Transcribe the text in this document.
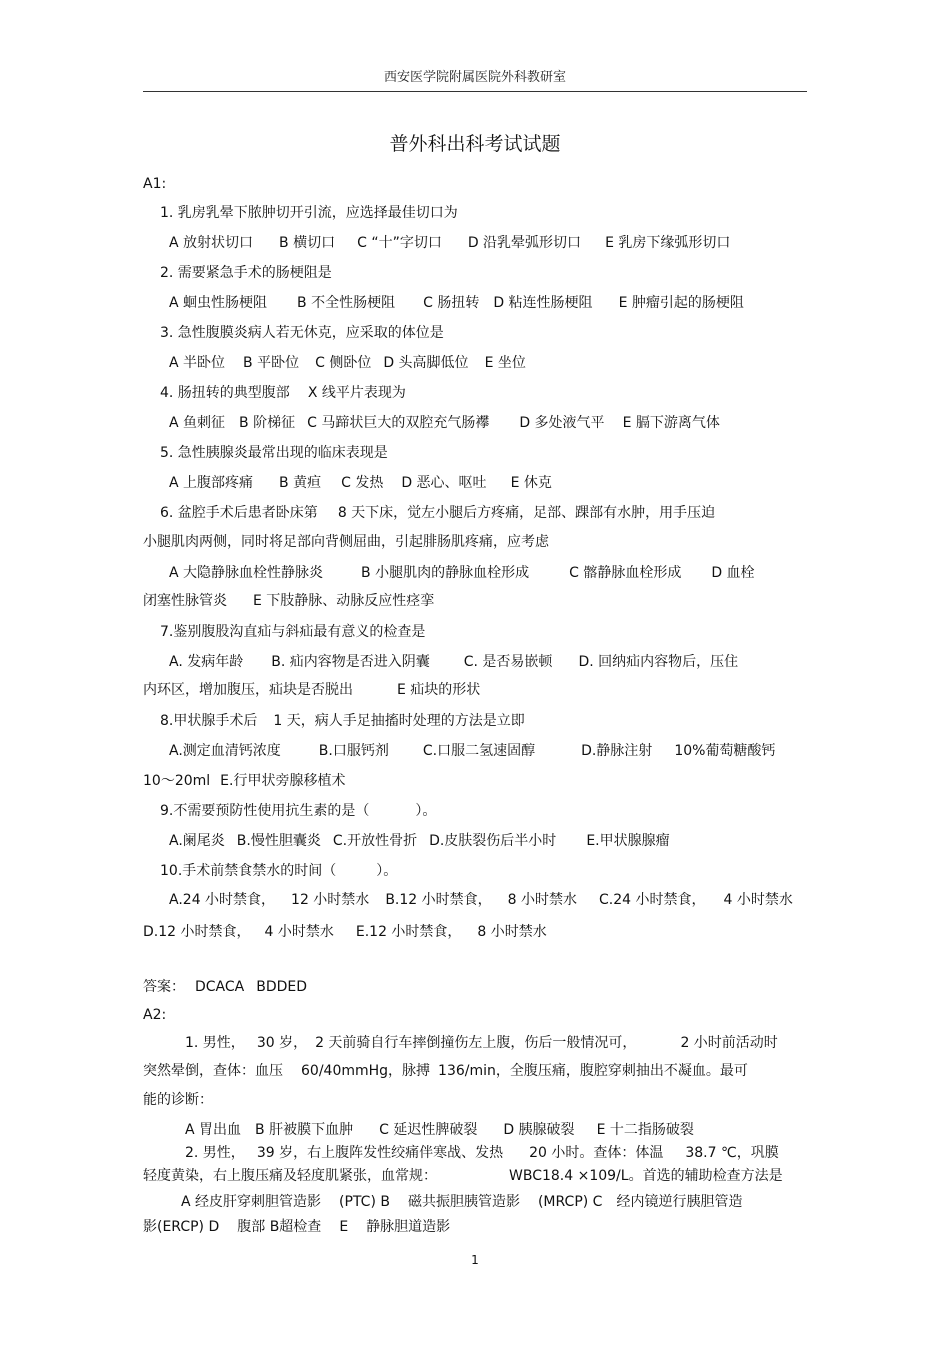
西安医学院附属医院外科教研室
普外科出科考试试题
A1:
1. 乳房乳晕下脓肿切开引流，应选择最佳切口为
A 放射状切口 B 横切口 C “十”字切口 D 沿乳晕弧形切口 E 乳房下缘弧形切口
2. 需要紧急手术的肠梗阻是
A 蛔虫性肠梗阻 B 不全性肠梗阻 C 肠扭转 D 粘连性肠梗阻 E 肿瘤引起的肠梗阻
3. 急性腹膜炎病人若无休克，应采取的体位是
A 半卧位 B 平卧位 C 侧卧位 D 头高脚低位 E 坐位
4. 肠扭转的典型腹部 X 线平片表现为
A 鱼刺征 B 阶梯征 C 马蹄状巨大的双腔充气肠襻 D 多处液气平 E 膈下游离气体
5. 急性胰腺炎最常出现的临床表现是
A 上腹部疼痛 B 黄疸 C 发热 D 恶心、呕吐 E 休克
6. 盆腔手术后患者卧床第 8 天下床，觉左小腿后方疼痛，足部、踝部有水肿，用手压迫
小腿肌肉两侧，同时将足部向背侧屈曲，引起腓肠肌疼痛，应考虑
A 大隐静脉血栓性静脉炎	B 小腿肌肉的静脉血栓形成	C 髂静脉血栓形成 D 血栓
闭塞性脉管炎 E 下肢静脉、动脉反应性痉挛
7.鉴别腹股沟直疝与斜疝最有意义的检查是
A. 发病年龄 B. 疝内容物是否进入阴囊 C. 是否易嵌顿 D. 回纳疝内容物后，压住
内环区，增加腹压，疝块是否脱出	E 疝块的形状
8.甲状腺手术后 1 天，病人手足抽搐时处理的方法是立即
A.测定血清钙浓度	B.口服钙剂 C.口服二氢速固醇	D.静脉注射 10%葡萄糖酸钙
10～20ml E.行甲状旁腺移植术
9.不需要预防性使用抗生素的是（	）。
A.阑尾炎 B.慢性胆囊炎 C.开放性骨折 D.皮肤裂伤后半小时 E.甲状腺腺瘤
10.手术前禁食禁水的时间（	）。
A.24 小时禁食， 12 小时禁水 B.12 小时禁食， 8 小时禁水 C.24 小时禁食， 4 小时禁水
D.12 小时禁食， 4 小时禁水 E.12 小时禁食， 8 小时禁水
答案： DCACA BDDED
A2:
1. 男性， 30 岁， 2 天前骑自行车摔倒撞伤左上腹，伤后一般情况可，	2 小时前活动时
突然晕倒，查体：血压 60/40mmHg，脉搏 136/min，全腹压痛，腹腔穿刺抽出不凝血。最可
能的诊断：
A 胃出血 B 肝被膜下血肿 C 延迟性脾破裂 D 胰腺破裂 E 十二指肠破裂
2. 男性， 39 岁，右上腹阵发性绞痛伴寒战、发热 20 小时。查体：体温 38.7 ℃，巩膜
轻度黄染，右上腹压痛及轻度肌紧张，血常规：	WBC18.4 ×109/L。首选的辅助检查方法是
A 经皮肝穿刺胆管造影 (PTC) B 磁共振胆胰管造影 (MRCP) C 经内镜逆行胰胆管造
影(ERCP) D 腹部 B超检查 E 静脉胆道造影
1
